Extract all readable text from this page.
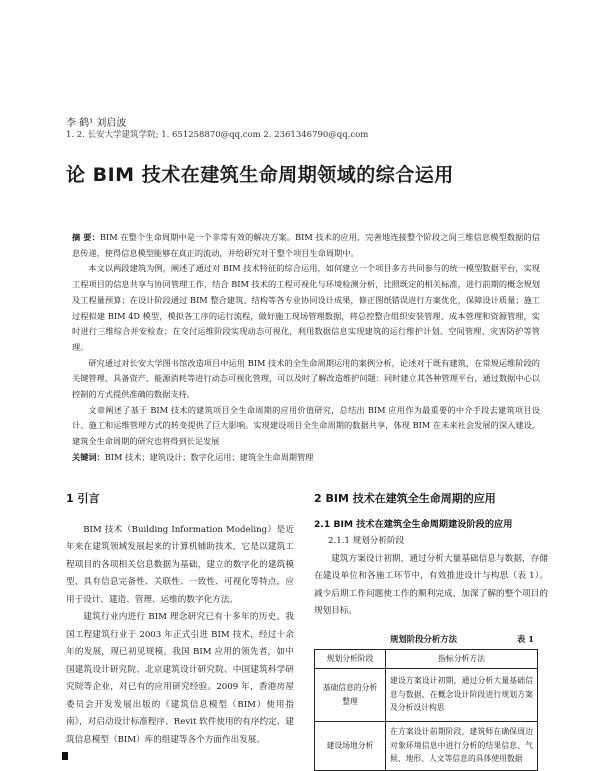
李 鹤¹ 刘启波
1. 2. 长安大学建筑学院; 1. 651258870@qq.com 2. 2361346790@qq.com
论 BIM 技术在建筑生命周期领域的综合运用

摘 要：BIM 在整个生命周期中是一个非常有效的解决方案。BIM 技术的应用，完善地连接整个阶段之间三维信息模型数据的信息传递，使得信息模型能够在真正的流动，并给研究对于整个项目生命周期中。

本文以两段建筑为例，阐述了通过对 BIM 技术特征的综合运用，如何建立一个项目多方共同参与的统一模型数据平台，实现工程项目的信息共享与协同管理工作，结合 BIM 技术的工程可视化与环境检测分析，比照既定的相关标准，进行前期的概念规划及工程量预算；在设计阶段通过 BIM 整合建筑、结构等各专业协同设计成果，修正图纸错误进行方案优化，保障设计质量；施工过程拟建 BIM 4D 模型，模拟各工序的运行流程，做好施工现场管理数据，将总控整合组织安装管理、成本管理和资源管理，实时进行三维综合并安检查；在交付运维阶段实现动态可视化，利用数据信息实现建筑的运行维护计划、空间管理、灾害防护等管理。

研究通过对长安大学图书馆改造项目中运用 BIM 技术的全生命周期运用的案例分析，论述对于既有建筑，在常规运维阶段的关键管理、具备资产、能源消耗等进行动态可视化管理，可以及时了解改造维护问题：同时建立其各种管理平台，通过数据中心以控制的方式提供准确的数据支持。

文章阐述了基于 BIM 技术的建筑项目全生命周期的应用价值研究，总结出 BIM 应用作为最重要的中介手段去建筑项目设计、施工和运维管理方式的转变提供了巨大影响。实现建设项目全生命周期的数据共享，体现 BIM 在未来社会发展的深入建设，建筑全生命周期的研究也将得到长足发展

关键词：BIM 技术；建筑设计；数字化运用；建筑全生命周期管理
1 引言

BIM 技术（Building Information Modeling）是近年来在建筑领域发展起来的计算机辅助技术，它是以建筑工程项目的各项相关信息数据为基础，建立的数字化的建筑模型，具有信息完备性、关联性、一致性、可视化等特点，应用于设计、建造、管理、运维的数字化方法。

建筑行业内进行 BIM 理念研究已有十多年的历史。我国工程建筑行业于 2003 年正式引进 BIM 技术，经过十余年的发展，现已初见规模。我国 BIM 应用的领先者，如中国建筑设计研究院、北京建筑设计研究院、中国建筑科学研究院等企业，对已有的应用研究经验。2009 年，香港房屋委员会开发发展出版的《建筑信息模型（BIM）使用指南》，对启动设计标准程序、Revit 软件使用的有序约定、建筑信息模型（BIM）库的组建等各个方面作出发展。

2 BIM 技术在建筑全生命周期的应用
2.1 BIM 技术在建筑全生命周期建设阶段的应用
2.1.1 规划分析阶段

建筑方案设计初期，通过分析大量基础信息与数据，存储在建设单位和各施工环节中，有效推进设计与构思（表 1）。减少后期工作问题使工作的顺利完成，加深了解的整个项目的规划目标。

规划阶段分析方法	表 1
规划分析阶段	指标分析方法
基础信息的分析整理	建设方案设计初期，通过分析大量基础信息与数据，在概念设计阶段进行规划方案及分析设计构思
建设场地分析	在方案设计前期阶段，建筑师在确保周边对象环境信息中进行分析的结果信息、气候、地形、人文等信息的具体使用数据
